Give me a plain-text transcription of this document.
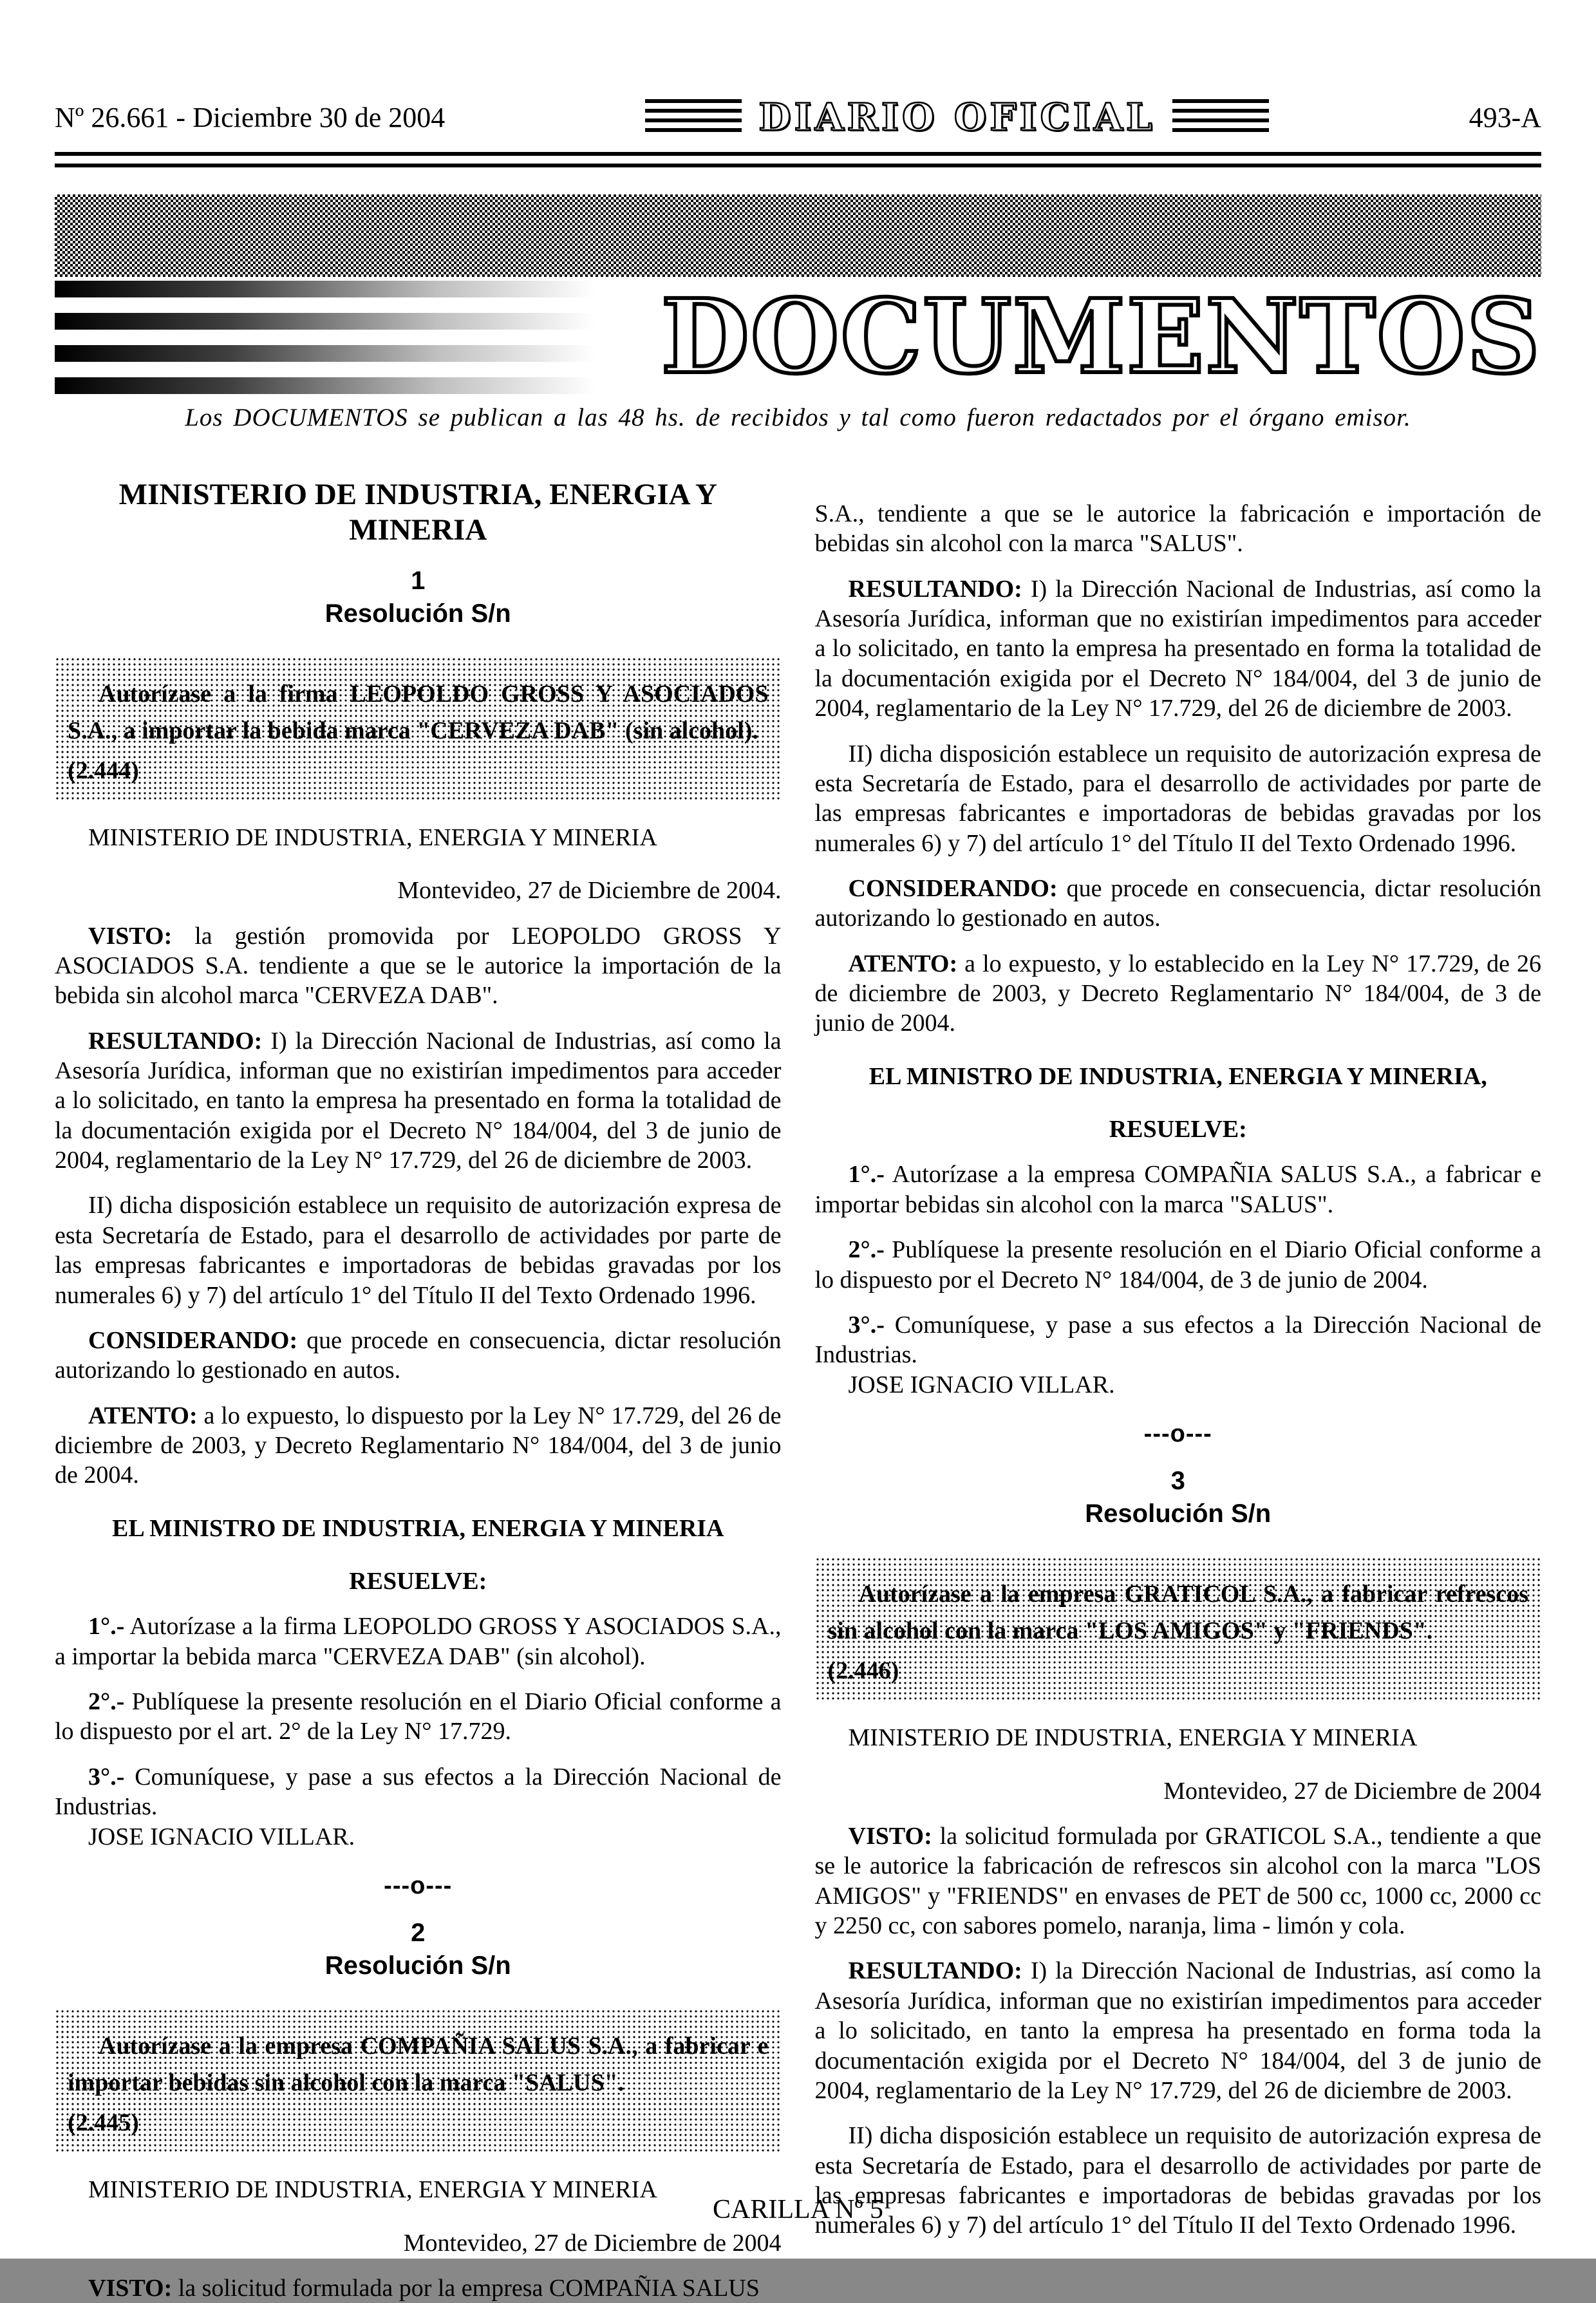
Nº 26.661 - Diciembre 30 de 2004	DIARIO OFICIAL	493-A
DOCUMENTOS
Los DOCUMENTOS se publican a las 48 hs. de recibidos y tal como fueron redactados por el órgano emisor.
MINISTERIO DE INDUSTRIA, ENERGIA Y MINERIA
1
Resolución S/n

Autorízase a la firma LEOPOLDO GROSS Y ASOCIADOS S.A., a importar la bebida marca "CERVEZA DAB" (sin alcohol).

(2.444)

MINISTERIO DE INDUSTRIA, ENERGIA Y MINERIA

Montevideo, 27 de Diciembre de 2004.

VISTO: la gestión promovida por LEOPOLDO GROSS Y ASOCIADOS S.A. tendiente a que se le autorice la importación de la bebida sin alcohol marca "CERVEZA DAB".

RESULTANDO: I) la Dirección Nacional de Industrias, así como la Asesoría Jurídica, informan que no existirían impedimentos para acceder a lo solicitado, en tanto la empresa ha presentado en forma la totalidad de la documentación exigida por el Decreto N° 184/004, del 3 de junio de 2004, reglamentario de la Ley N° 17.729, del 26 de diciembre de 2003.

II) dicha disposición establece un requisito de autorización expresa de esta Secretaría de Estado, para el desarrollo de actividades por parte de las empresas fabricantes e importadoras de bebidas gravadas por los numerales 6) y 7) del artículo 1° del Título II del Texto Ordenado 1996.

CONSIDERANDO: que procede en consecuencia, dictar resolución autorizando lo gestionado en autos.

ATENTO: a lo expuesto, lo dispuesto por la Ley N° 17.729, del 26 de diciembre de 2003, y Decreto Reglamentario N° 184/004, del 3 de junio de 2004.

EL MINISTRO DE INDUSTRIA, ENERGIA Y MINERIA

RESUELVE:

1°.- Autorízase a la firma LEOPOLDO GROSS Y ASOCIADOS S.A., a importar la bebida marca "CERVEZA DAB" (sin alcohol).

2°.- Publíquese la presente resolución en el Diario Oficial conforme a lo dispuesto por el art. 2° de la Ley N° 17.729.

3°.- Comuníquese, y pase a sus efectos a la Dirección Nacional de Industrias.

JOSE IGNACIO VILLAR.

---o---

2
Resolución S/n

Autorízase a la empresa COMPAÑIA SALUS S.A., a fabricar e importar bebidas sin alcohol con la marca "SALUS".

(2.445)

MINISTERIO DE INDUSTRIA, ENERGIA Y MINERIA

Montevideo, 27 de Diciembre de 2004

VISTO: la solicitud formulada por la empresa COMPAÑIA SALUS

S.A., tendiente a que se le autorice la fabricación e importación de bebidas sin alcohol con la marca "SALUS".

RESULTANDO: I) la Dirección Nacional de Industrias, así como la Asesoría Jurídica, informan que no existirían impedimentos para acceder a lo solicitado, en tanto la empresa ha presentado en forma la totalidad de la documentación exigida por el Decreto N° 184/004, del 3 de junio de 2004, reglamentario de la Ley N° 17.729, del 26 de diciembre de 2003.

II) dicha disposición establece un requisito de autorización expresa de esta Secretaría de Estado, para el desarrollo de actividades por parte de las empresas fabricantes e importadoras de bebidas gravadas por los numerales 6) y 7) del artículo 1° del Título II del Texto Ordenado 1996.

CONSIDERANDO: que procede en consecuencia, dictar resolución autorizando lo gestionado en autos.

ATENTO: a lo expuesto, y lo establecido en la Ley N° 17.729, de 26 de diciembre de 2003, y Decreto Reglamentario N° 184/004, de 3 de junio de 2004.

EL MINISTRO DE INDUSTRIA, ENERGIA Y MINERIA,

RESUELVE:

1°.- Autorízase a la empresa COMPAÑIA SALUS S.A., a fabricar e importar bebidas sin alcohol con la marca "SALUS".

2°.- Publíquese la presente resolución en el Diario Oficial conforme a lo dispuesto por el Decreto N° 184/004, de 3 de junio de 2004.

3°.- Comuníquese, y pase a sus efectos a la Dirección Nacional de Industrias.

JOSE IGNACIO VILLAR.

---o---

3
Resolución S/n

Autorízase a la empresa GRATICOL S.A., a fabricar refrescos sin alcohol con la marca "LOS AMIGOS" y "FRIENDS".

(2.446)

MINISTERIO DE INDUSTRIA, ENERGIA Y MINERIA

Montevideo, 27 de Diciembre de 2004

VISTO: la solicitud formulada por GRATICOL S.A., tendiente a que se le autorice la fabricación de refrescos sin alcohol con la marca "LOS AMIGOS" y "FRIENDS" en envases de PET de 500 cc, 1000 cc, 2000 cc y 2250 cc, con sabores pomelo, naranja, lima - limón y cola.

RESULTANDO: I) la Dirección Nacional de Industrias, así como la Asesoría Jurídica, informan que no existirían impedimentos para acceder a lo solicitado, en tanto la empresa ha presentado en forma toda la documentación exigida por el Decreto N° 184/004, del 3 de junio de 2004, reglamentario de la Ley N° 17.729, del 26 de diciembre de 2003.

II) dicha disposición establece un requisito de autorización expresa de esta Secretaría de Estado, para el desarrollo de actividades por parte de las empresas fabricantes e importadoras de bebidas gravadas por los numerales 6) y 7) del artículo 1° del Título II del Texto Ordenado 1996.

CARILLA Nº 5
